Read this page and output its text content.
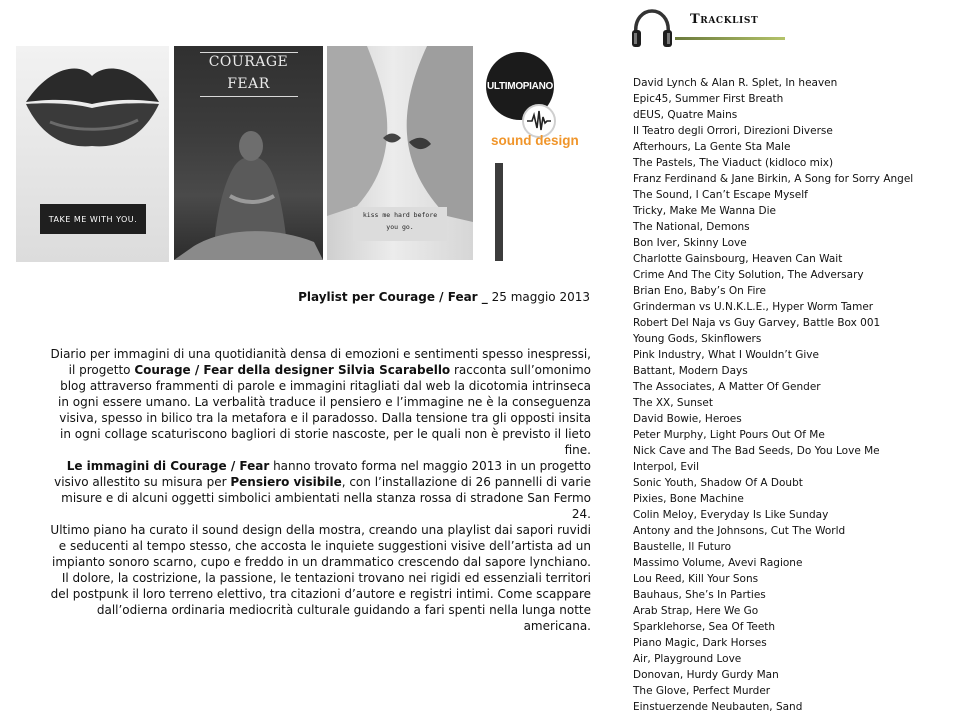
TAKE ME WITH YOU.
COURAGE
FEAR
kiss me hard before
you go.
ULTIMOPIANO
sound design
Tracklist
Playlist per Courage / Fear _ 25 maggio 2013

Diario per immagini di una quotidianità densa di emozioni e sentimenti spesso inespressi, il progetto Courage / Fear della designer Silvia Scarabello racconta sull’omonimo blog attraverso frammenti di parole e immagini ritagliati dal web la dicotomia intrinseca in ogni essere umano. La verbalità traduce il pensiero e l’immagine ne è la conseguenza visiva, spesso in bilico tra la metafora e il paradosso. Dalla tensione tra gli opposti insita in ogni collage scaturiscono bagliori di storie nascoste, per le quali non è previsto il lieto fine.

Le immagini di Courage / Fear hanno trovato forma nel maggio 2013 in un progetto visivo allestito su misura per Pensiero visibile, con l’installazione di 26 pannelli di varie misure e di alcuni oggetti simbolici ambientati nella stanza rossa di stradone San Fermo 24.

Ultimo piano ha curato il sound design della mostra, creando una playlist dai sapori ruvidi e seducenti al tempo stesso, che accosta le inquiete suggestioni visive dell’artista ad un impianto sonoro scarno, cupo e freddo in un drammatico crescendo dal sapore lynchiano.

Il dolore, la costrizione, la passione, le tentazioni trovano nei rigidi ed essenziali territori del postpunk il loro terreno elettivo, tra citazioni d’autore e registri intimi. Come scappare dall’odierna ordinaria mediocrità culturale guidando a fari spenti nella lunga notte americana.

David Lynch & Alan R. Splet, In heaven
Epic45, Summer First Breath
dEUS, Quatre Mains
Il Teatro degli Orrori, Direzioni Diverse
Afterhours, La Gente Sta Male
The Pastels, The Viaduct (kidloco mix)
Franz Ferdinand & Jane Birkin, A Song for Sorry Angel
The Sound, I Can’t Escape Myself
Tricky, Make Me Wanna Die
The National, Demons
Bon Iver, Skinny Love
Charlotte Gainsbourg, Heaven Can Wait
Crime And The City Solution, The Adversary
Brian Eno, Baby’s On Fire
Grinderman vs U.N.K.L.E., Hyper Worm Tamer
Robert Del Naja vs Guy Garvey, Battle Box 001
Young Gods, Skinflowers
Pink Industry, What I Wouldn’t Give
Battant, Modern Days
The Associates, A Matter Of Gender
The XX, Sunset
David Bowie, Heroes
Peter Murphy, Light Pours Out Of Me
Nick Cave and The Bad Seeds, Do You Love Me
Interpol, Evil
Sonic Youth, Shadow Of A Doubt
Pixies, Bone Machine
Colin Meloy, Everyday Is Like Sunday
Antony and the Johnsons, Cut The World
Baustelle, Il Futuro
Massimo Volume, Avevi Ragione
Lou Reed, Kill Your Sons
Bauhaus, She’s In Parties
Arab Strap, Here We Go
Sparklehorse, Sea Of Teeth
Piano Magic, Dark Horses
Air, Playground Love
Donovan, Hurdy Gurdy Man
The Glove, Perfect Murder
Einstuerzende Neubauten, Sand
